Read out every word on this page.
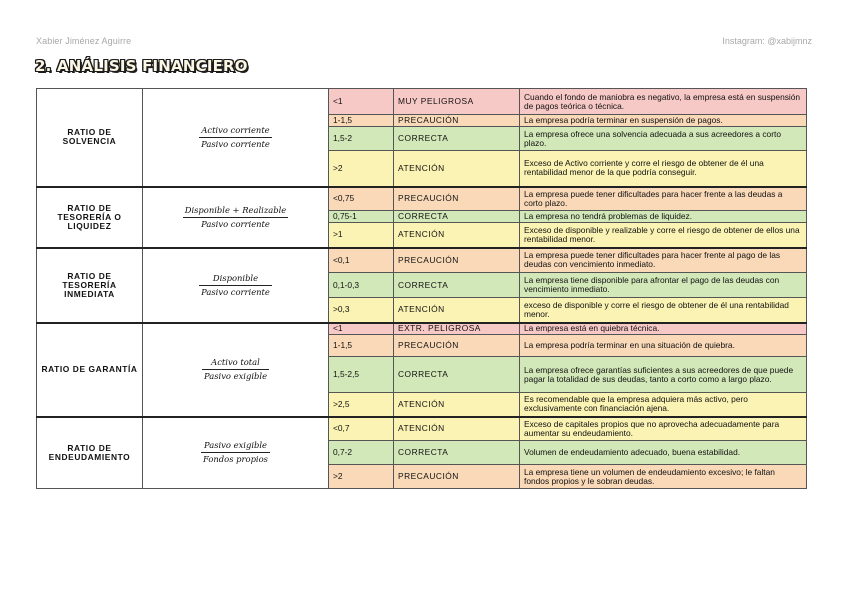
Xabier Jiménez Aguirre	Instagram: @xabijmnz
2. ANÁLISIS FINANCIERO
RATIO DE SOLVENCIA	$\frac{\text{Activo corriente}}{\text{Pasivo corriente}}$	<1	MUY PELIGROSA	Cuando el fondo de maniobra es negativo, la empresa está en suspensión de pagos teórica o técnica.
		1-1,5	PRECAUCIÓN	La empresa podría terminar en suspensión de pagos.
		1,5-2	CORRECTA	La empresa ofrece una solvencia adecuada a sus acreedores a corto plazo.
		>2	ATENCIÓN	Exceso de Activo corriente y corre el riesgo de obtener de él una rentabilidad menor de la que podría conseguir.
RATIO DE TESORERÍA O LIQUIDEZ	$\frac{\text{Disponible + Realizable}}{\text{Pasivo corriente}}$	<0,75	PRECAUCIÓN	La empresa puede tener dificultades para hacer frente a las deudas a corto plazo.
		0,75-1	CORRECTA	La empresa no tendrá problemas de liquidez.
		>1	ATENCIÓN	Exceso de disponible y realizable y corre el riesgo de obtener de ellos una rentabilidad menor.
RATIO DE TESORERÍA INMEDIATA	$\frac{\text{Disponible}}{\text{Pasivo corriente}}$	<0,1	PRECAUCIÓN	La empresa puede tener dificultades para hacer frente al pago de las deudas con vencimiento inmediato.
		0,1-0,3	CORRECTA	La empresa tiene disponible para afrontar el pago de las deudas con vencimiento inmediato.
		>0,3	ATENCIÓN	exceso de disponible y corre el riesgo de obtener de él una rentabilidad menor.
RATIO DE GARANTÍA	$\frac{\text{Activo total}}{\text{Pasivo exigible}}$	<1	EXTR. PELIGROSA	La empresa está en quiebra técnica.
		1-1,5	PRECAUCIÓN	La empresa podría terminar en una situación de quiebra.
		1,5-2,5	CORRECTA	La empresa ofrece garantías suficientes a sus acreedores de que puede pagar la totalidad de sus deudas, tanto a corto como a largo plazo.
		>2,5	ATENCIÓN	Es recomendable que la empresa adquiera más activo, pero exclusivamente con financiación ajena.
RATIO DE ENDEUDAMIENTO	$\frac{\text{Pasivo exigible}}{\text{Fondos propios}}$	<0,7	ATENCIÓN	Exceso de capitales propios que no aprovecha adecuadamente para aumentar su endeudamiento.
		0,7-2	CORRECTA	Volumen de endeudamiento adecuado, buena estabilidad.
		>2	PRECAUCIÓN	La empresa tiene un volumen de endeudamiento excesivo; le faltan fondos propios y le sobran deudas.
